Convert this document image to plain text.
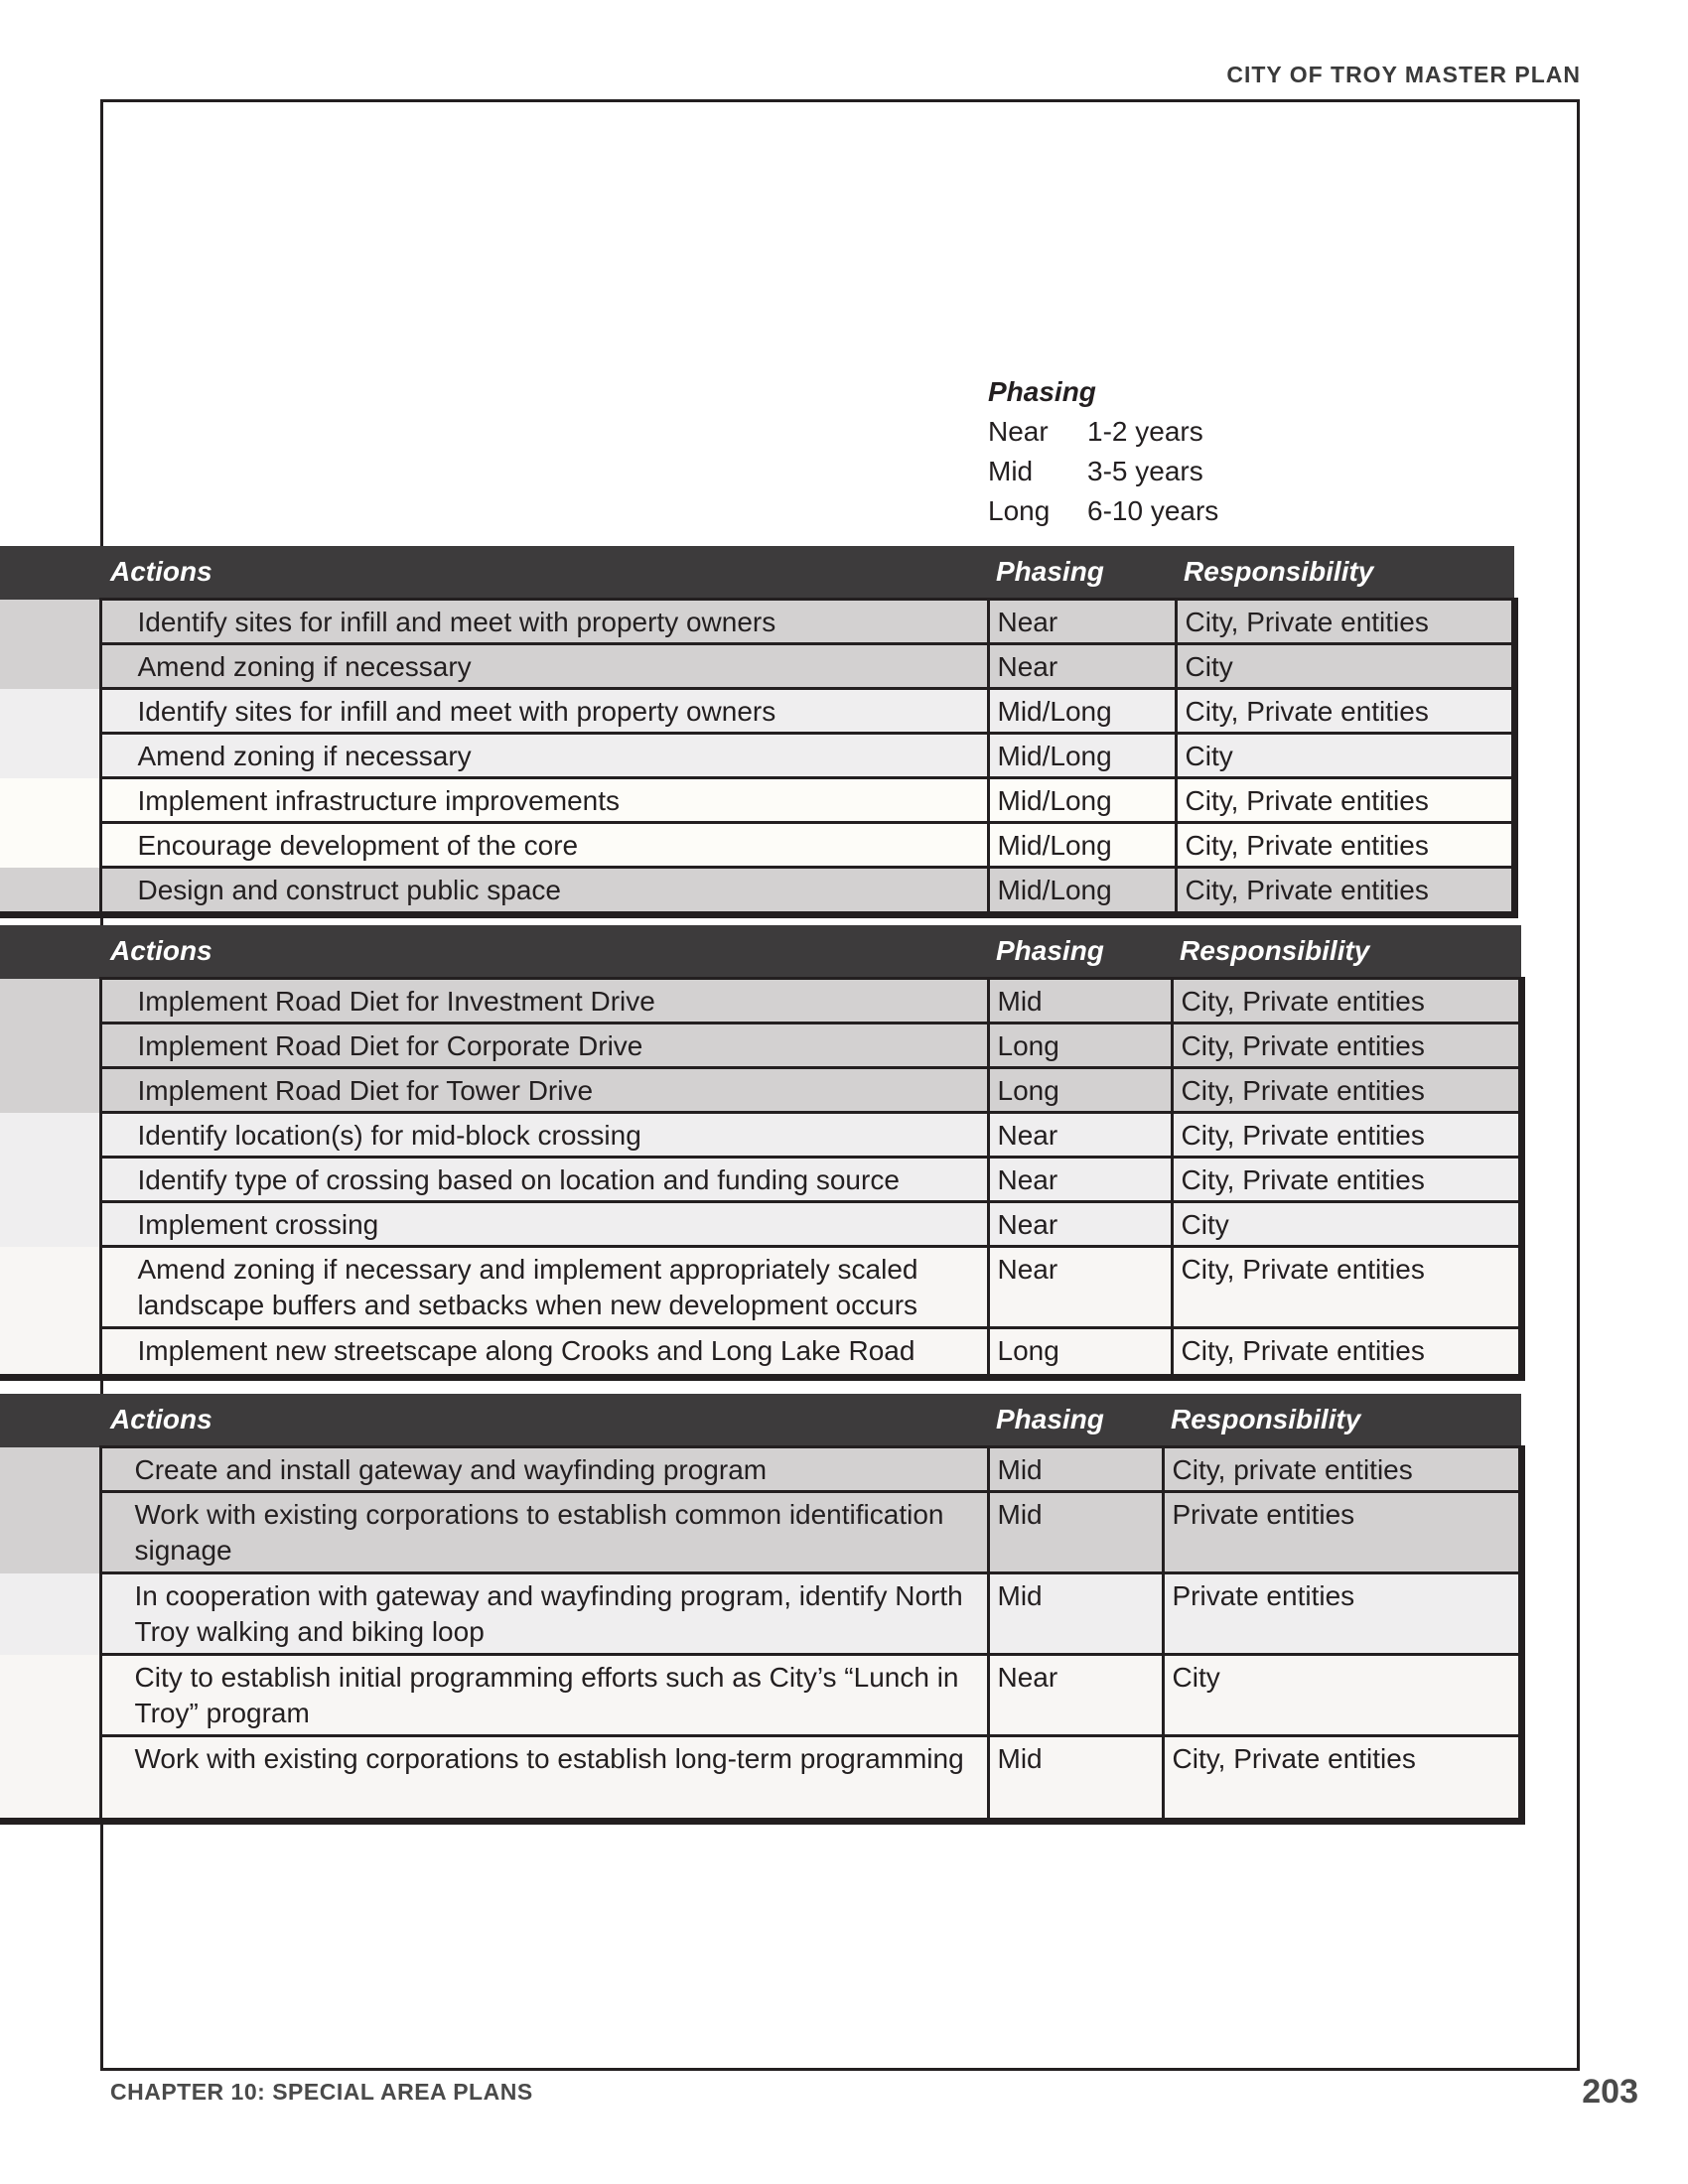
CITY OF TROY MASTER PLAN
Phasing
Near	1-2 years
Mid	3-5 years
Long	6-10 years
	Actions	Phasing	Responsibility
	Identify sites for infill and meet with property owners	Near	City, Private entities
	Amend zoning if necessary	Near	City
	Identify sites for infill and meet with property owners	Mid/Long	City, Private entities
	Amend zoning if necessary	Mid/Long	City
	Implement infrastructure improvements	Mid/Long	City, Private entities
	Encourage development of the core	Mid/Long	City, Private entities
	Design and construct public space	Mid/Long	City, Private entities
	Actions	Phasing	Responsibility
	Implement Road Diet for Investment Drive	Mid	City, Private entities
	Implement Road Diet for Corporate Drive	Long	City, Private entities
	Implement Road Diet for Tower Drive	Long	City, Private entities
	Identify location(s) for mid-block crossing	Near	City, Private entities
	Identify type of crossing based on location and funding source	Near	City, Private entities
	Implement crossing	Near	City
	Amend zoning if necessary and implement appropriately scaled landscape buffers and setbacks when new development occurs	Near	City, Private entities
	Implement new streetscape along Crooks and Long Lake Road	Long	City, Private entities
	Actions	Phasing	Responsibility
	Create and install gateway and wayfinding program	Mid	City, private entities
	Work with existing corporations to establish common identification signage	Mid	Private entities
	In cooperation with gateway and wayfinding program, identify North Troy walking and biking loop	Mid	Private entities
	City to establish initial programming efforts such as City’s “Lunch in Troy” program	Near	City
	Work with existing corporations to establish long-term programming	Mid	City, Private entities
CHAPTER 10: SPECIAL AREA PLANS	203
